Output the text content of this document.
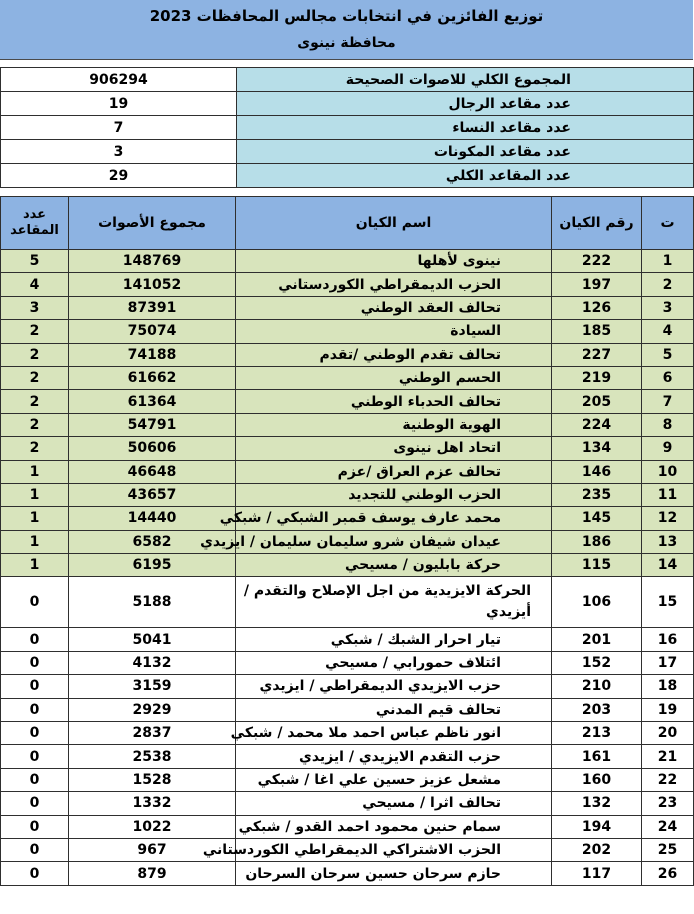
توزيع الفائزين في انتخابات مجالس المحافظات 2023
محافظة نينوى
906294	المجموع الكلي للاصوات الصحيحة
19	عدد مقاعد الرجال
7	عدد مقاعد النساء
3	عدد مقاعد المكونات
29	عدد المقاعد الكلي
عدد المقاعد	مجموع الأصوات	اسم الكيان	رقم الكيان	ت
5	148769	نينوى لأهلها	222	1
4	141052	الحزب الديمقراطي الكوردستاني	197	2
3	87391	تحالف العقد الوطني	126	3
2	75074	السيادة	185	4
2	74188	تحالف تقدم الوطني /تقدم	227	5
2	61662	الحسم الوطني	219	6
2	61364	تحالف الحدباء الوطني	205	7
2	54791	الهوية الوطنية	224	8
2	50606	اتحاد اهل نينوى	134	9
1	46648	تحالف عزم العراق /عزم	146	10
1	43657	الحزب الوطني للتجديد	235	11
1	14440	محمد عارف يوسف قمبر الشبكي / شبكي	145	12
1	6582	عيدان شيفان شرو سليمان سليمان / ايزيدي	186	13
1	6195	حركة بابليون / مسيحي	115	14
0	5188	الحركة الايزيدية من اجل الإصلاح والتقدم / أيزيدي	106	15
0	5041	تيار احرار الشبك / شبكي	201	16
0	4132	ائتلاف حمورابي / مسيحي	152	17
0	3159	حزب الايزيدي الديمقراطي / ايزيدي	210	18
0	2929	تحالف قيم المدني	203	19
0	2837	انور ناظم عباس احمد ملا محمد / شبكي	213	20
0	2538	حزب التقدم الايزيدي / ايزيدي	161	21
0	1528	مشعل عزيز حسين علي اغا / شبكي	160	22
0	1332	تحالف اثرا / مسيحي	132	23
0	1022	سمام حنين محمود احمد القدو / شبكي	194	24
0	967	الحزب الاشتراكي الديمقراطي الكوردستاني	202	25
0	879	حازم سرحان حسين سرحان السرحان	117	26
